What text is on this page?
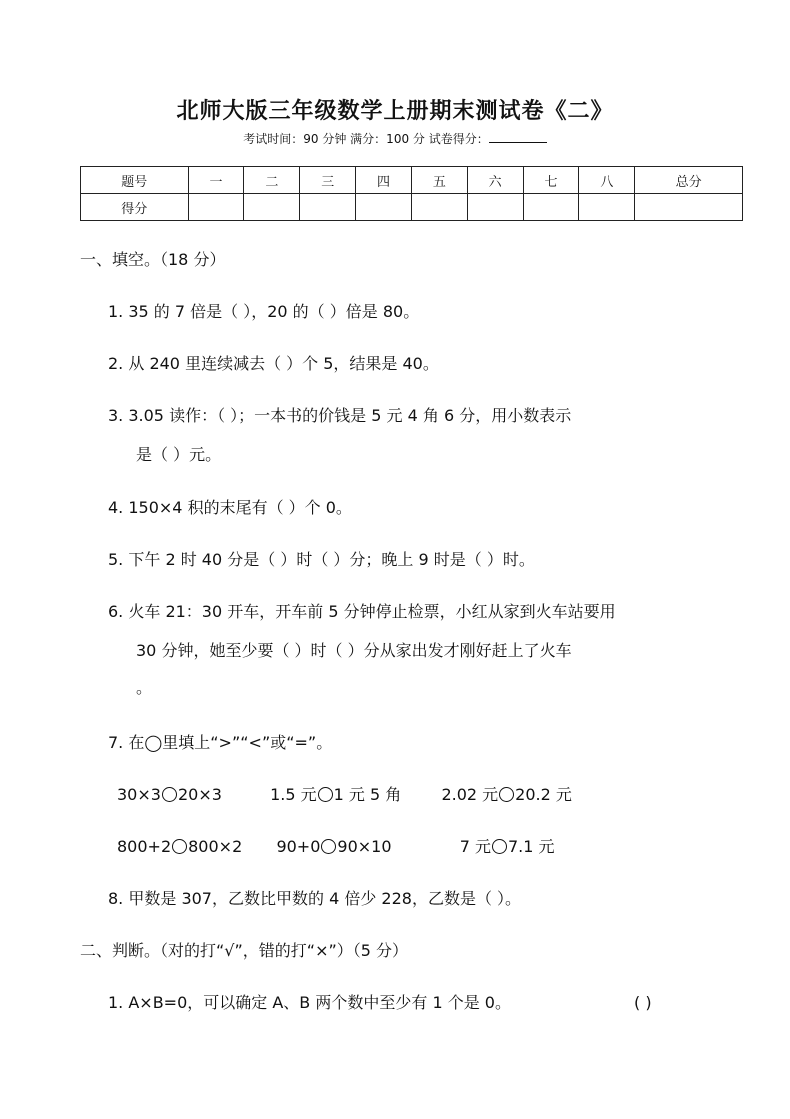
北师大版三年级数学上册期末测试卷《二》
考试时间：90 分钟 满分：100 分 试卷得分：
题号	一	二	三	四	五	六	七	八	总分
得分									
一、填空。（18 分）
1. 35 的 7 倍是（ ），20 的（ ）倍是 80。
2. 从 240 里连续减去（ ）个 5，结果是 40。
3. 3.05 读作：（ ）；一本书的价钱是 5 元 4 角 6 分，用小数表示
是（ ）元。
4. 150×4 积的末尾有（ ）个 0。
5. 下午 2 时 40 分是（ ）时（ ）分；晚上 9 时是（ ）时。
6. 火车 21：30 开车，开车前 5 分钟停止检票，小红从家到火车站要用
30 分钟，她至少要（ ）时（ ）分从家出发才刚好赶上了火车
。
7. 在◯里填上“>”“<”或“=”。
30×3 20×3	1.5 元 1 元 5 角	2.02 元 20.2 元
800+2 800×2 90+0 90×10	7 元 7.1 元
8. 甲数是 307，乙数比甲数的 4 倍少 228，乙数是（ ）。
二、判断。（对的打“√”，错的打“×”）（5 分）
1. A×B=0，可以确定 A、B 两个数中至少有 1 个是 0。	( )
